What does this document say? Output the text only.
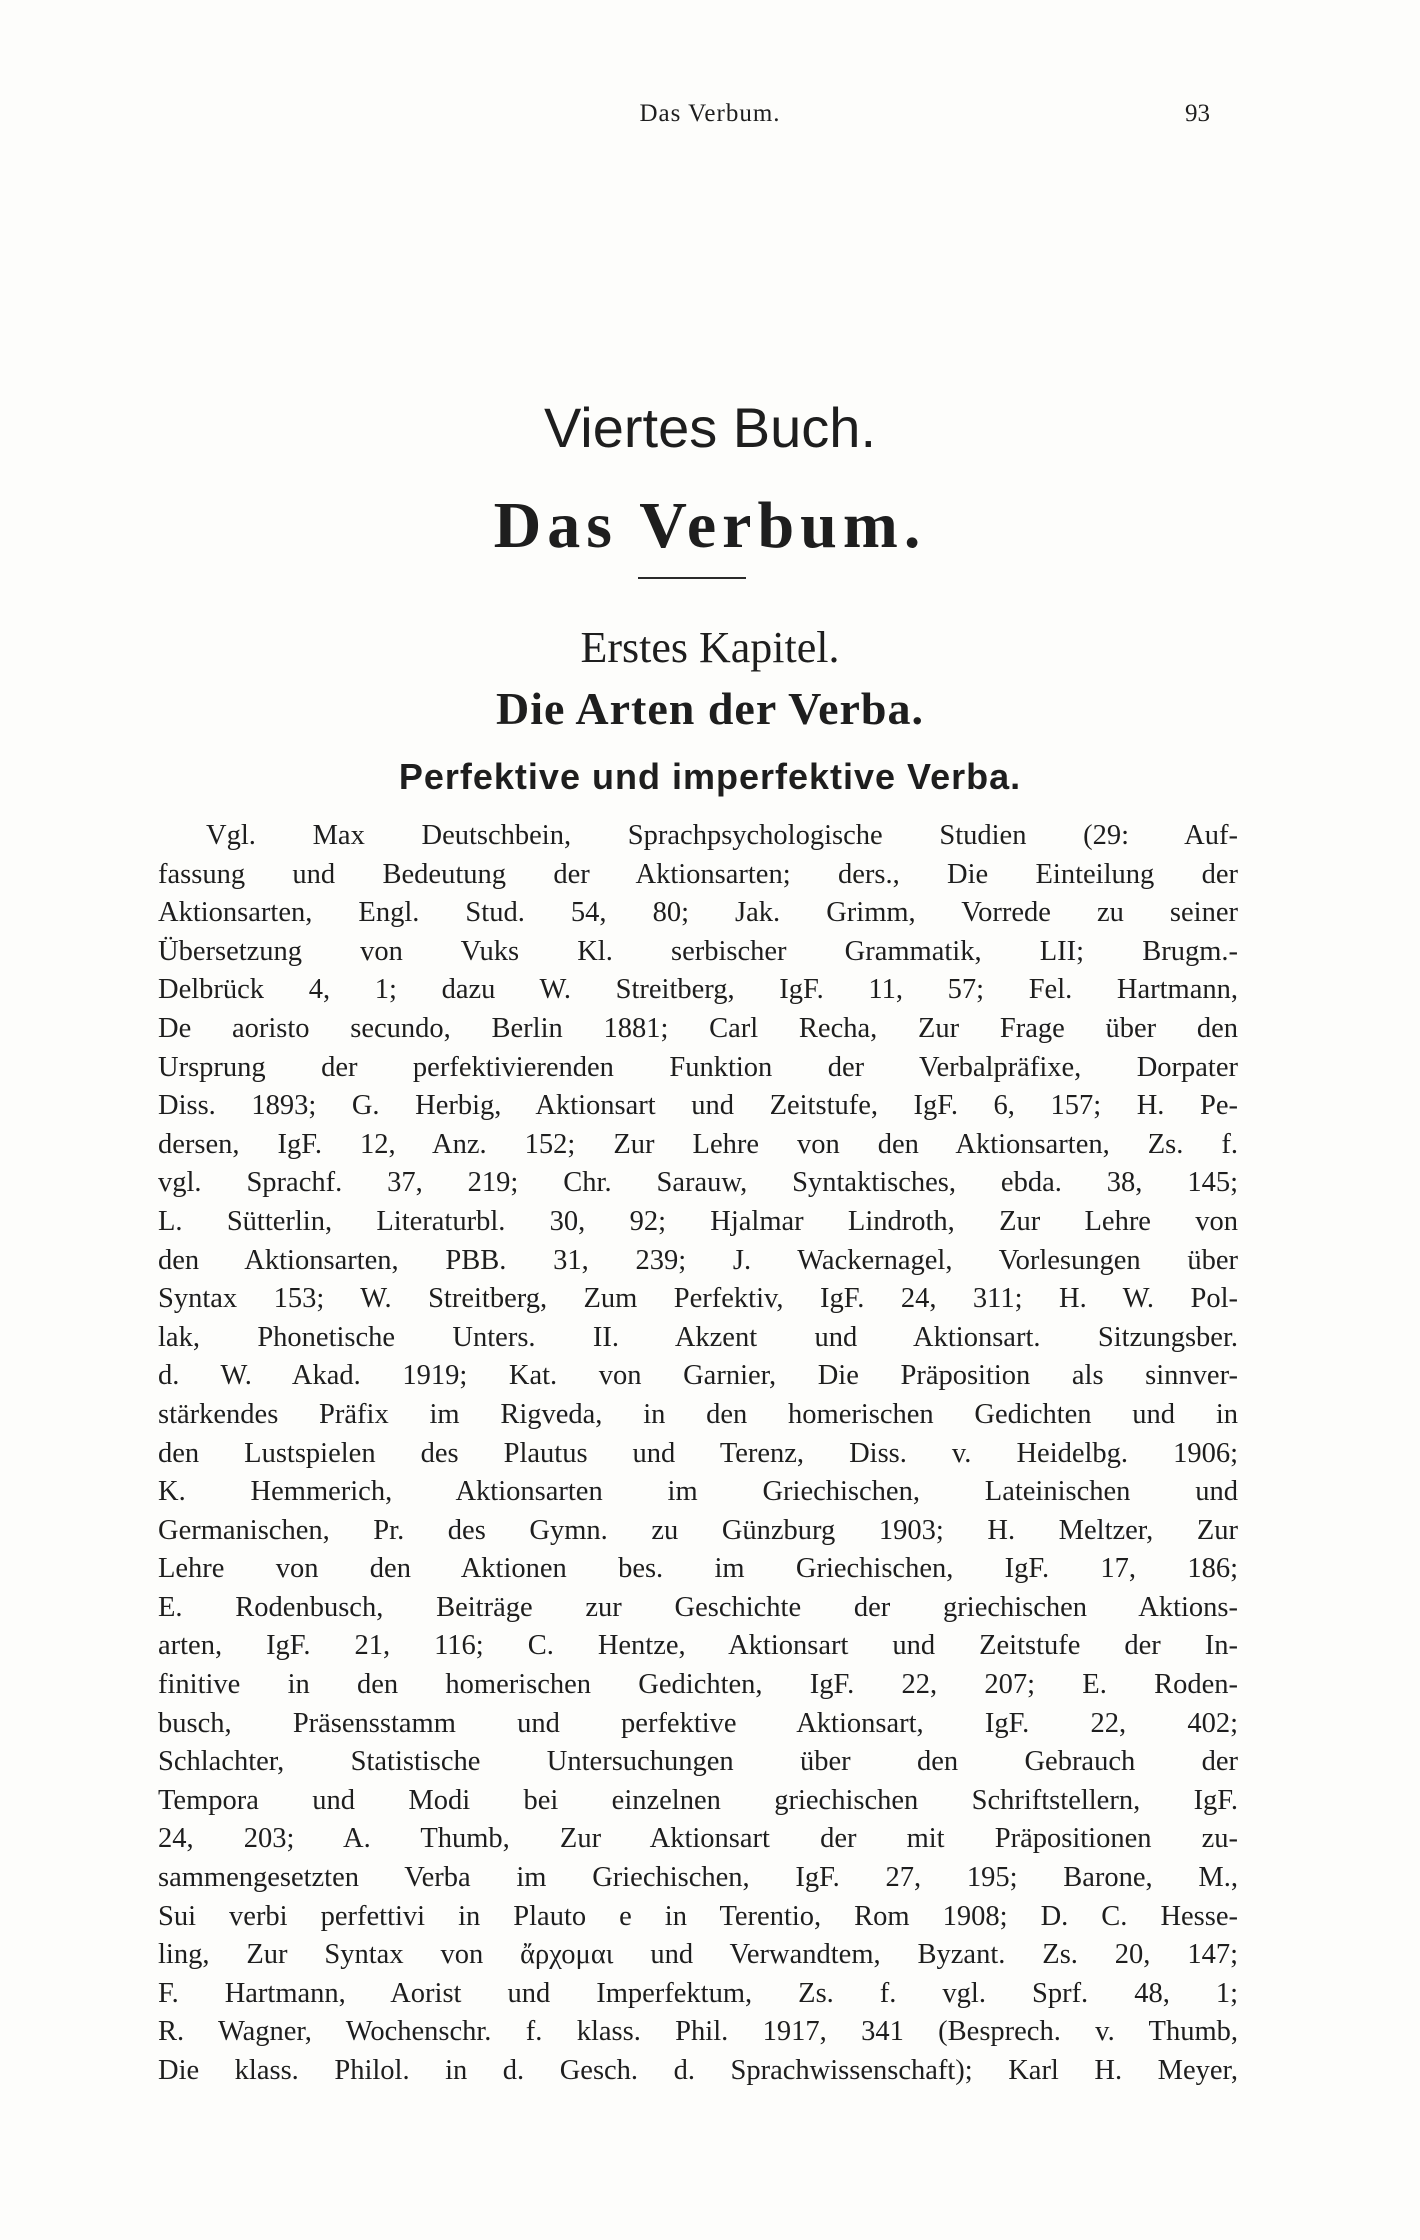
Das Verbum.	93
Viertes Buch.
Das Verbum.
Erstes Kapitel.
Die Arten der Verba.
Perfektive und imperfektive Verba.
Vgl. Max Deutschbein, Sprachpsychologische Studien (29: Auf-
fassung und Bedeutung der Aktionsarten; ders., Die Einteilung der
Aktionsarten, Engl. Stud. 54, 80; Jak. Grimm, Vorrede zu seiner
Übersetzung von Vuks Kl. serbischer Grammatik, LII; Brugm.-
Delbrück 4, 1; dazu W. Streitberg, IgF. 11, 57; Fel. Hartmann,
De aoristo secundo, Berlin 1881; Carl Recha, Zur Frage über den
Ursprung der perfektivierenden Funktion der Verbalpräfixe, Dorpater
Diss. 1893; G. Herbig, Aktionsart und Zeitstufe, IgF. 6, 157; H. Pe-
dersen, IgF. 12, Anz. 152; Zur Lehre von den Aktionsarten, Zs. f.
vgl. Sprachf. 37, 219; Chr. Sarauw, Syntaktisches, ebda. 38, 145;
L. Sütterlin, Literaturbl. 30, 92; Hjalmar Lindroth, Zur Lehre von
den Aktionsarten, PBB. 31, 239; J. Wackernagel, Vorlesungen über
Syntax 153; W. Streitberg, Zum Perfektiv, IgF. 24, 311; H. W. Pol-
lak, Phonetische Unters. II. Akzent und Aktionsart. Sitzungsber.
d. W. Akad. 1919; Kat. von Garnier, Die Präposition als sinnver-
stärkendes Präfix im Rigveda, in den homerischen Gedichten und in
den Lustspielen des Plautus und Terenz, Diss. v. Heidelbg. 1906;
K. Hemmerich, Aktionsarten im Griechischen, Lateinischen und
Germanischen, Pr. des Gymn. zu Günzburg 1903; H. Meltzer, Zur
Lehre von den Aktionen bes. im Griechischen, IgF. 17, 186;
E. Rodenbusch, Beiträge zur Geschichte der griechischen Aktions-
arten, IgF. 21, 116; C. Hentze, Aktionsart und Zeitstufe der In-
finitive in den homerischen Gedichten, IgF. 22, 207; E. Roden-
busch, Präsensstamm und perfektive Aktionsart, IgF. 22, 402;
Schlachter, Statistische Untersuchungen über den Gebrauch der
Tempora und Modi bei einzelnen griechischen Schriftstellern, IgF.
24, 203; A. Thumb, Zur Aktionsart der mit Präpositionen zu-
sammengesetzten Verba im Griechischen, IgF. 27, 195; Barone, M.,
Sui verbi perfettivi in Plauto e in Terentio, Rom 1908; D. C. Hesse-
ling, Zur Syntax von ἄρχομαι und Verwandtem, Byzant. Zs. 20, 147;
F. Hartmann, Aorist und Imperfektum, Zs. f. vgl. Sprf. 48, 1;
R. Wagner, Wochenschr. f. klass. Phil. 1917, 341 (Besprech. v. Thumb,
Die klass. Philol. in d. Gesch. d. Sprachwissenschaft); Karl H. Meyer,
